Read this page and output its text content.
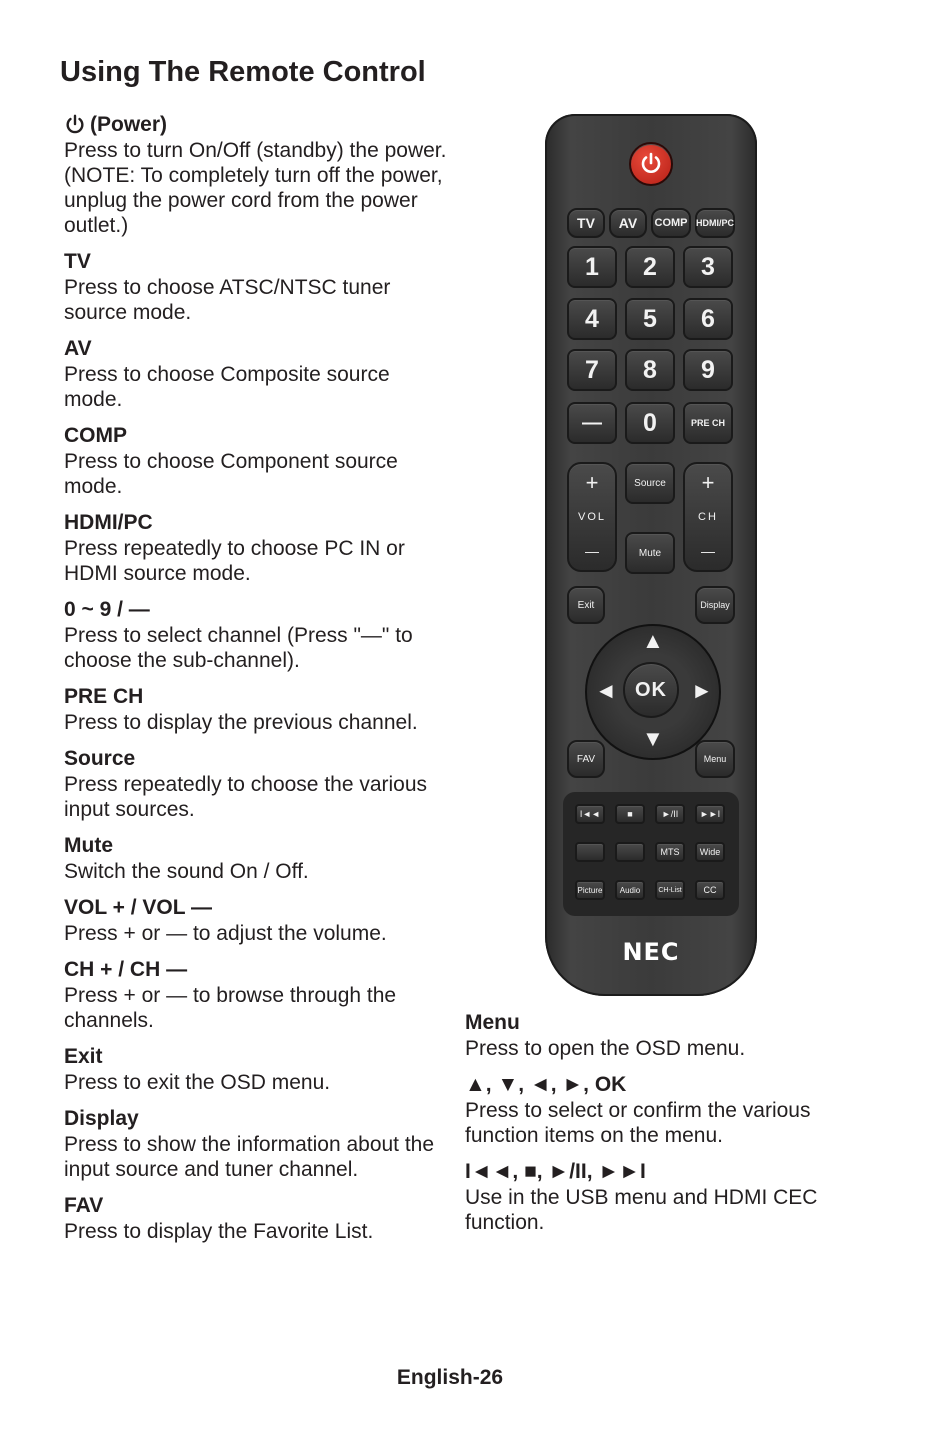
Using The Remote Control
(Power)
Press to turn On/Off (standby) the power. (NOTE: To completely turn off the power, unplug the power cord from the power outlet.)
TV
Press to choose ATSC/NTSC tuner source mode.
AV
Press to choose Composite source mode.
COMP
Press to choose Component source mode.
HDMI/PC
Press repeatedly to choose PC IN or HDMI source mode.
0 ~ 9 / —
Press to select channel (Press "—" to choose the sub-channel).
PRE CH
Press to display the previous channel.
Source
Press repeatedly to choose the various input sources.
Mute
Switch the sound On / Off.
VOL + / VOL —
Press + or — to adjust the volume.
CH + / CH —
Press + or — to browse through the channels.
Exit
Press to exit the OSD menu.
Display
Press to show the information about the input source and tuner channel.
FAV
Press to display the Favorite List.
Menu
Press to open the OSD menu.
▲, ▼, ◄, ►, OK
Press to select or confirm the various function items on the menu.
I◄◄, ■, ►/II, ►►I
Use in the USB menu and HDMI CEC function.
TV	AV	COMP HDMI/PC
1	2	3
4	5	6
7	8	9
—	0	PRE CH
+
VOL
—
Source
Mute
+
CH
—
Exit	Display
▲
▼
◄	►
OK
FAV	Menu
I◄◄	■	►/II	►►I
MTS	Wide
Picture	Audio	CH-List	CC
NEC
English-26
